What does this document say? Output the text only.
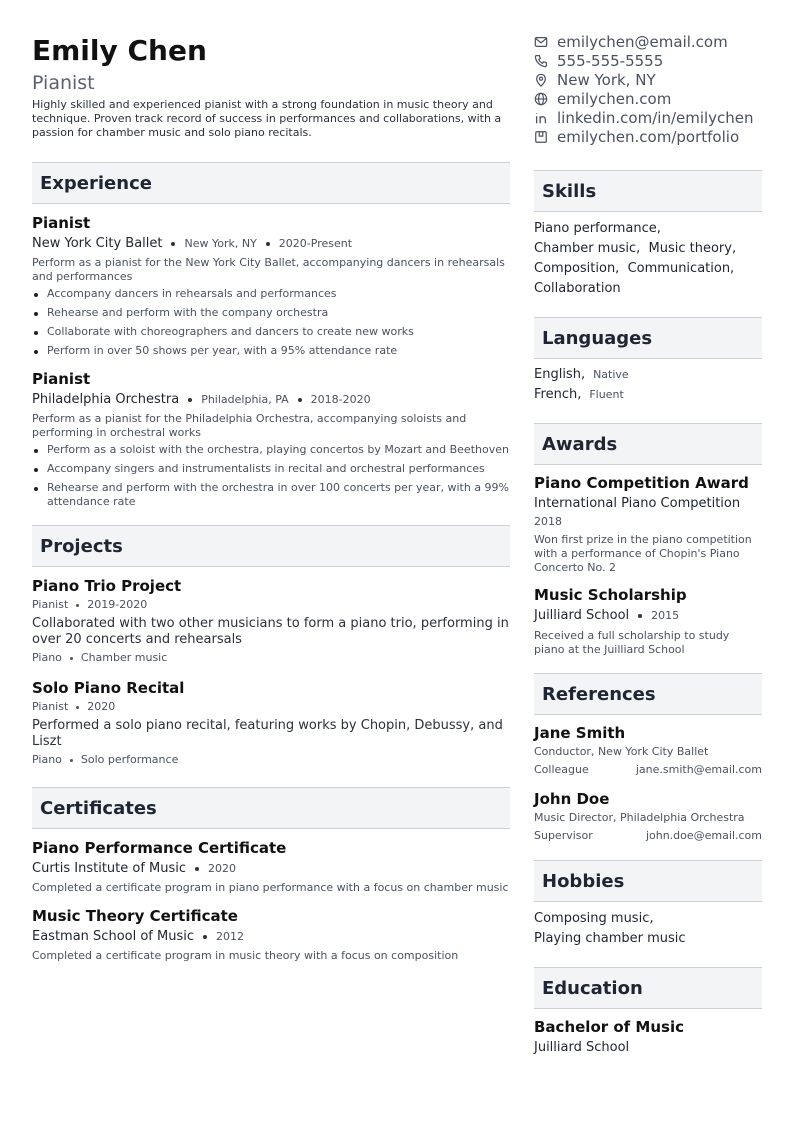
Emily Chen
Pianist
Highly skilled and experienced pianist with a strong foundation in music theory and technique. Proven track record of success in performances and collaborations, with a passion for chamber music and solo piano recitals.
Experience
Pianist
New York City Ballet New York, NY 2020-Present
Perform as a pianist for the New York City Ballet, accompanying dancers in rehearsals and performances
Accompany dancers in rehearsals and performances
Rehearse and perform with the company orchestra
Collaborate with choreographers and dancers to create new works
Perform in over 50 shows per year, with a 95% attendance rate
Pianist
Philadelphia Orchestra Philadelphia, PA 2018-2020
Perform as a pianist for the Philadelphia Orchestra, accompanying soloists and performing in orchestral works
Perform as a soloist with the orchestra, playing concertos by Mozart and Beethoven
Accompany singers and instrumentalists in recital and orchestral performances
Rehearse and perform with the orchestra in over 100 concerts per year, with a 99% attendance rate
Projects
Piano Trio Project
Pianist 2019-2020
Collaborated with two other musicians to form a piano trio, performing in over 20 concerts and rehearsals
Piano Chamber music
Solo Piano Recital
Pianist 2020
Performed a solo piano recital, featuring works by Chopin, Debussy, and Liszt
Piano Solo performance
Certificates
Piano Performance Certificate
Curtis Institute of Music 2020
Completed a certificate program in piano performance with a focus on chamber music
Music Theory Certificate
Eastman School of Music 2012
Completed a certificate program in music theory with a focus on composition
emilychen@email.com
555-555-5555
New York, NY
emilychen.com
linkedin.com/in/emilychen
emilychen.com/portfolio
Skills
Piano performance,
Chamber music, Music theory,
Composition, Communication,
Collaboration
Languages
English, Native
French, Fluent
Awards
Piano Competition Award
International Piano Competition
2018
Won first prize in the piano competition with a performance of Chopin's Piano Concerto No. 2
Music Scholarship
Juilliard School 2015
Received a full scholarship to study piano at the Juilliard School
References
Jane Smith
Conductor, New York City Ballet
Colleague	jane.smith@email.com
John Doe
Music Director, Philadelphia Orchestra
Supervisor	john.doe@email.com
Hobbies
Composing music,
Playing chamber music
Education
Bachelor of Music
Juilliard School
